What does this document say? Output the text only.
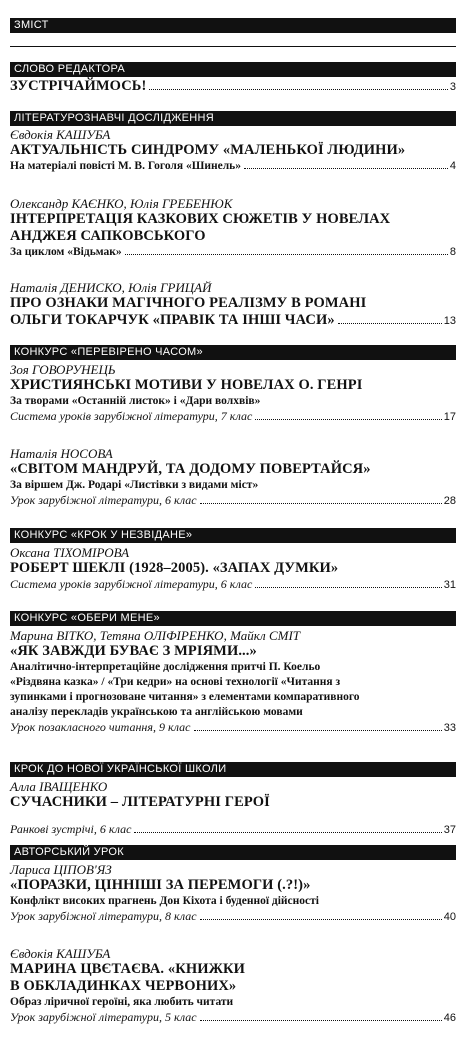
ЗМІСТ
СЛОВО РЕДАКТОРА
ЗУСТРІЧАЙМОСЬ!	3
ЛІТЕРАТУРОЗНАВЧІ ДОСЛІДЖЕННЯ
Євдокія КАШУБА
АКТУАЛЬНІСТЬ СИНДРОМУ «МАЛЕНЬКОЇ ЛЮДИНИ»
На матеріалі повісті М. В. Гоголя «Шинель»	4
Олександр КАЄНКО, Юлія ГРЕБЕНЮК
ІНТЕРПРЕТАЦІЯ КАЗКОВИХ СЮЖЕТІВ У НОВЕЛАХ
АНДЖЕЯ САПКОВСЬКОГО
За циклом «Відьмак»	8
Наталія ДЕНИСКО, Юлія ГРИЦАЙ
ПРО ОЗНАКИ МАГІЧНОГО РЕАЛІЗМУ В РОМАНІ
ОЛЬГИ ТОКАРЧУК «ПРАВІК ТА ІНШІ ЧАСИ»	13
КОНКУРС «ПЕРЕВІРЕНО ЧАСОМ»
Зоя ГОВОРУНЕЦЬ
ХРИСТИЯНСЬКІ МОТИВИ У НОВЕЛАХ О. ГЕНРІ
За творами «Останній листок» і «Дари волхвів»
Система уроків зарубіжної літератури, 7 клас	17
Наталія НОСОВА
«СВІТОМ МАНДРУЙ, ТА ДОДОМУ ПОВЕРТАЙСЯ»
За віршем Дж. Родарі «Листівки з видами міст»
Урок зарубіжної літератури, 6 клас	28
КОНКУРС «КРОК У НЕЗВІДАНЕ»
Оксана ТІХОМІРОВА
РОБЕРТ ШЕКЛІ (1928–2005). «ЗАПАХ ДУМКИ»
Система уроків зарубіжної літератури, 6 клас	31
КОНКУРС «ОБЕРИ МЕНЕ»
Марина ВІТКО, Тетяна ОЛІФІРЕНКО, Майкл СМІТ
«ЯК ЗАВЖДИ БУВАЄ З МРІЯМИ...»
Аналітично-інтерпретаційне дослідження притчі П. Коельо
«Різдвяна казка» / «Три кедри» на основі технології «Читання з
зупинками і прогнозоване читання» з елементами компаративного
аналізу перекладів українською та англійською мовами
Урок позакласного читання, 9 клас	33
КРОК ДО НОВОЇ УКРАЇНСЬКОЇ ШКОЛИ
Алла ІВАЩЕНКО
СУЧАСНИКИ – ЛІТЕРАТУРНІ ГЕРОЇ
Ранкові зустрічі, 6 клас	37
АВТОРСЬКИЙ УРОК
Лариса ЦІПОВ'ЯЗ
«ПОРАЗКИ, ЦІННІШІ ЗА ПЕРЕМОГИ (.?!)»
Конфлікт високих прагнень Дон Кіхота і буденної дійсності
Урок зарубіжної літератури, 8 клас	40
Євдокія КАШУБА
МАРИНА ЦВЄТАЄВА. «КНИЖКИ
В ОБКЛАДИНКАХ ЧЕРВОНИХ»
Образ ліричної героїні, яка любить читати
Урок зарубіжної літератури, 5 клас	46
